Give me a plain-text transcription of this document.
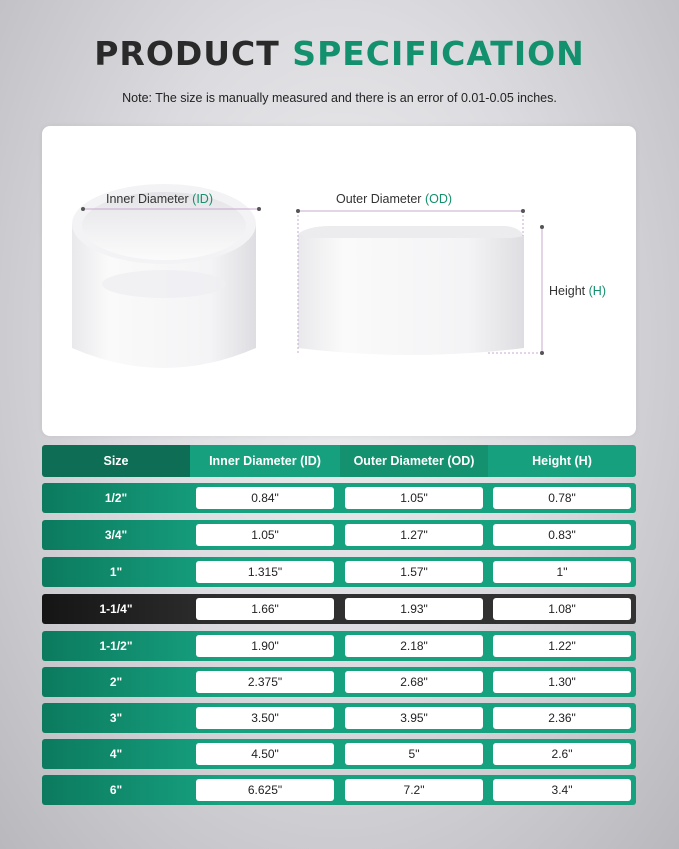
PRODUCT SPECIFICATION
Note: The size is manually measured and there is an error of 0.01-0.05 inches.
Inner Diameter (ID)	Outer Diameter (OD)
Height (H)
Size	Inner Diameter (ID)	Outer Diameter (OD)	Height (H)
1/2"	0.84"	1.05"	0.78"
3/4"	1.05"	1.27"	0.83"
1"	1.315"	1.57"	1"
1-1/4"	1.66"	1.93"	1.08"
1-1/2"	1.90"	2.18"	1.22"
2"	2.375"	2.68"	1.30"
3"	3.50"	3.95"	2.36"
4"	4.50"	5"	2.6"
6"	6.625"	7.2"	3.4"
